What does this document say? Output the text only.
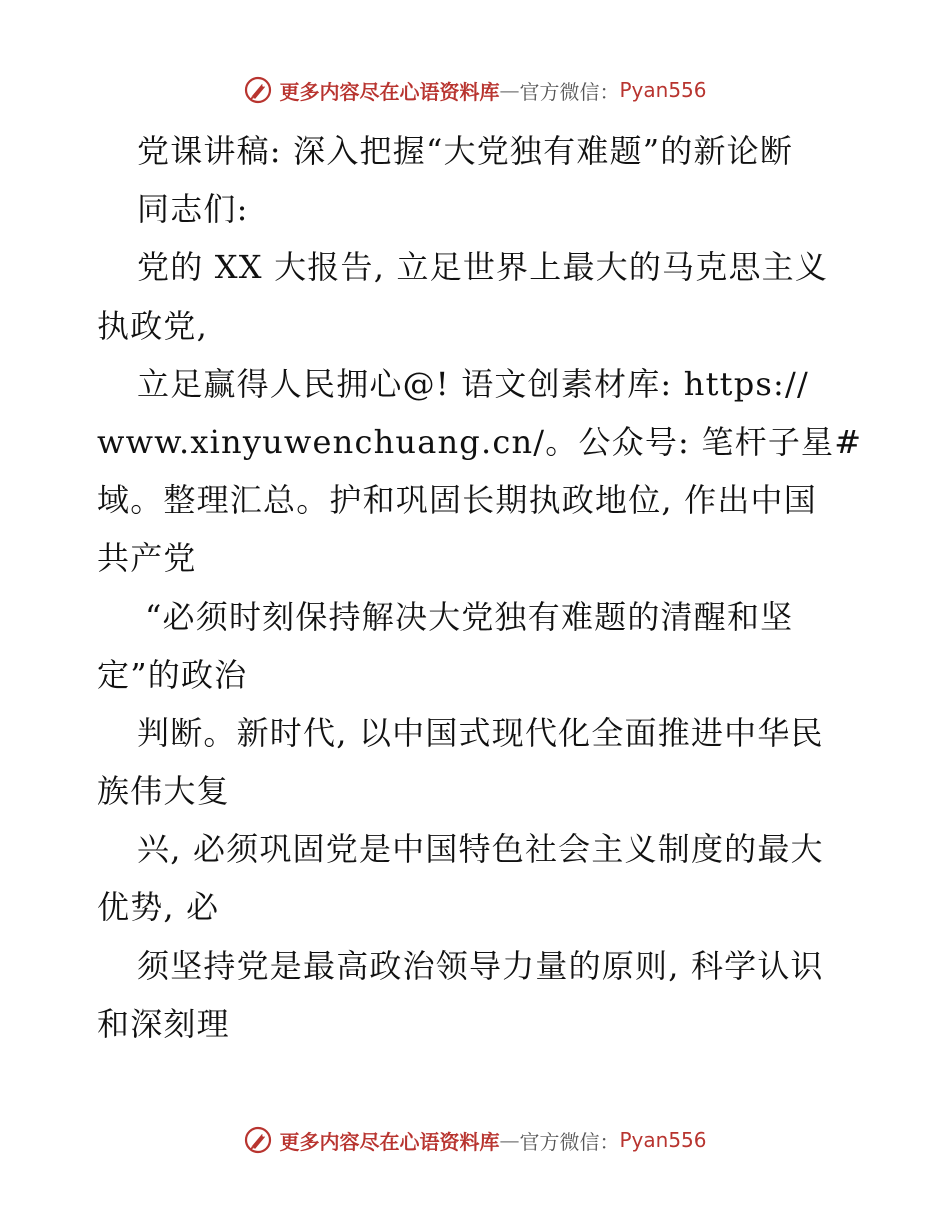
更多内容尽在心语资料库 — 官方微信： Pyan556
党课讲稿: 深入把握“大党独有难题”的新论断
同志们:
党的 XX 大报告, 立足世界上最大的马克思主义
执政党,
立足赢得人民拥心@! 语文创素材库: https://
www.xinyuwenchuang.cn/。公众号: 笔杆子星#
域。整理汇总。护和巩固长期执政地位, 作出中国
共产党
“必须时刻保持解决大党独有难题的清醒和坚
定”的政治
判断。新时代, 以中国式现代化全面推进中华民
族伟大复
兴, 必须巩固党是中国特色社会主义制度的最大
优势, 必
须坚持党是最高政治领导力量的原则, 科学认识
和深刻理
更多内容尽在心语资料库 — 官方微信： Pyan556
